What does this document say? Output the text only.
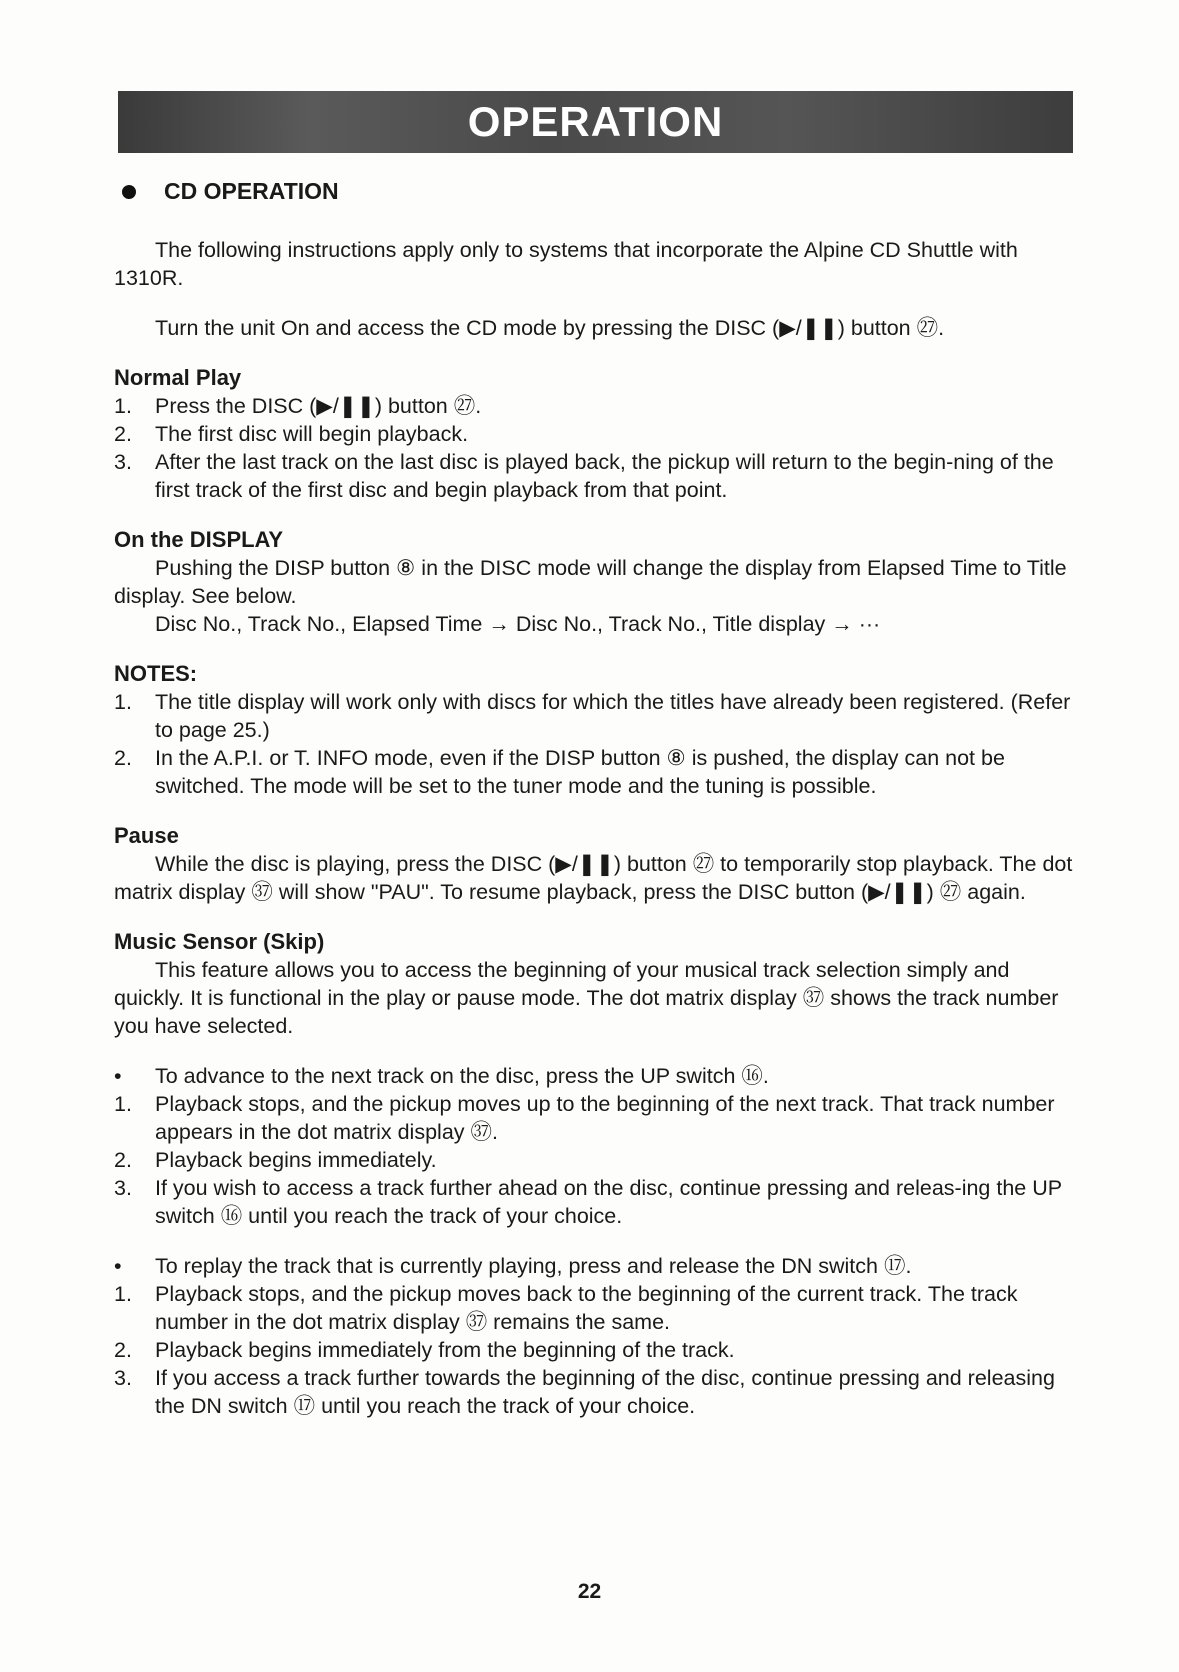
OPERATION
CD OPERATION

The following instructions apply only to systems that incorporate the Alpine CD Shuttle with 1310R.

Turn the unit On and access the CD mode by pressing the DISC (▶/❚❚) button ㉗.

Normal Play

1.	Press the DISC (▶/❚❚) button ㉗.
2.	The first disc will begin playback.
3.	After the last track on the last disc is played back, the pickup will return to the begin-ning of the first track of the first disc and begin playback from that point.

On the DISPLAY

Pushing the DISP button ⑧ in the DISC mode will change the display from Elapsed Time to Title display. See below.

Disc No., Track No., Elapsed Time → Disc No., Track No., Title display → ···

NOTES:

1.	The title display will work only with discs for which the titles have already been registered. (Refer to page 25.)
2.	In the A.P.I. or T. INFO mode, even if the DISP button ⑧ is pushed, the display can not be switched. The mode will be set to the tuner mode and the tuning is possible.

Pause

While the disc is playing, press the DISC (▶/❚❚) button ㉗ to temporarily stop playback. The dot matrix display ㊲ will show "PAU". To resume playback, press the DISC button (▶/❚❚) ㉗ again.

Music Sensor (Skip)

This feature allows you to access the beginning of your musical track selection simply and quickly. It is functional in the play or pause mode. The dot matrix display ㊲ shows the track number you have selected.

•	To advance to the next track on the disc, press the UP switch ⑯.
1.	Playback stops, and the pickup moves up to the beginning of the next track. That track number appears in the dot matrix display ㊲.
2.	Playback begins immediately.
3.	If you wish to access a track further ahead on the disc, continue pressing and releas-ing the UP switch ⑯ until you reach the track of your choice.
•	To replay the track that is currently playing, press and release the DN switch ⑰.
1.	Playback stops, and the pickup moves back to the beginning of the current track. The track number in the dot matrix display ㊲ remains the same.
2.	Playback begins immediately from the beginning of the track.
3.	If you access a track further towards the beginning of the disc, continue pressing and releasing the DN switch ⑰ until you reach the track of your choice.
22
